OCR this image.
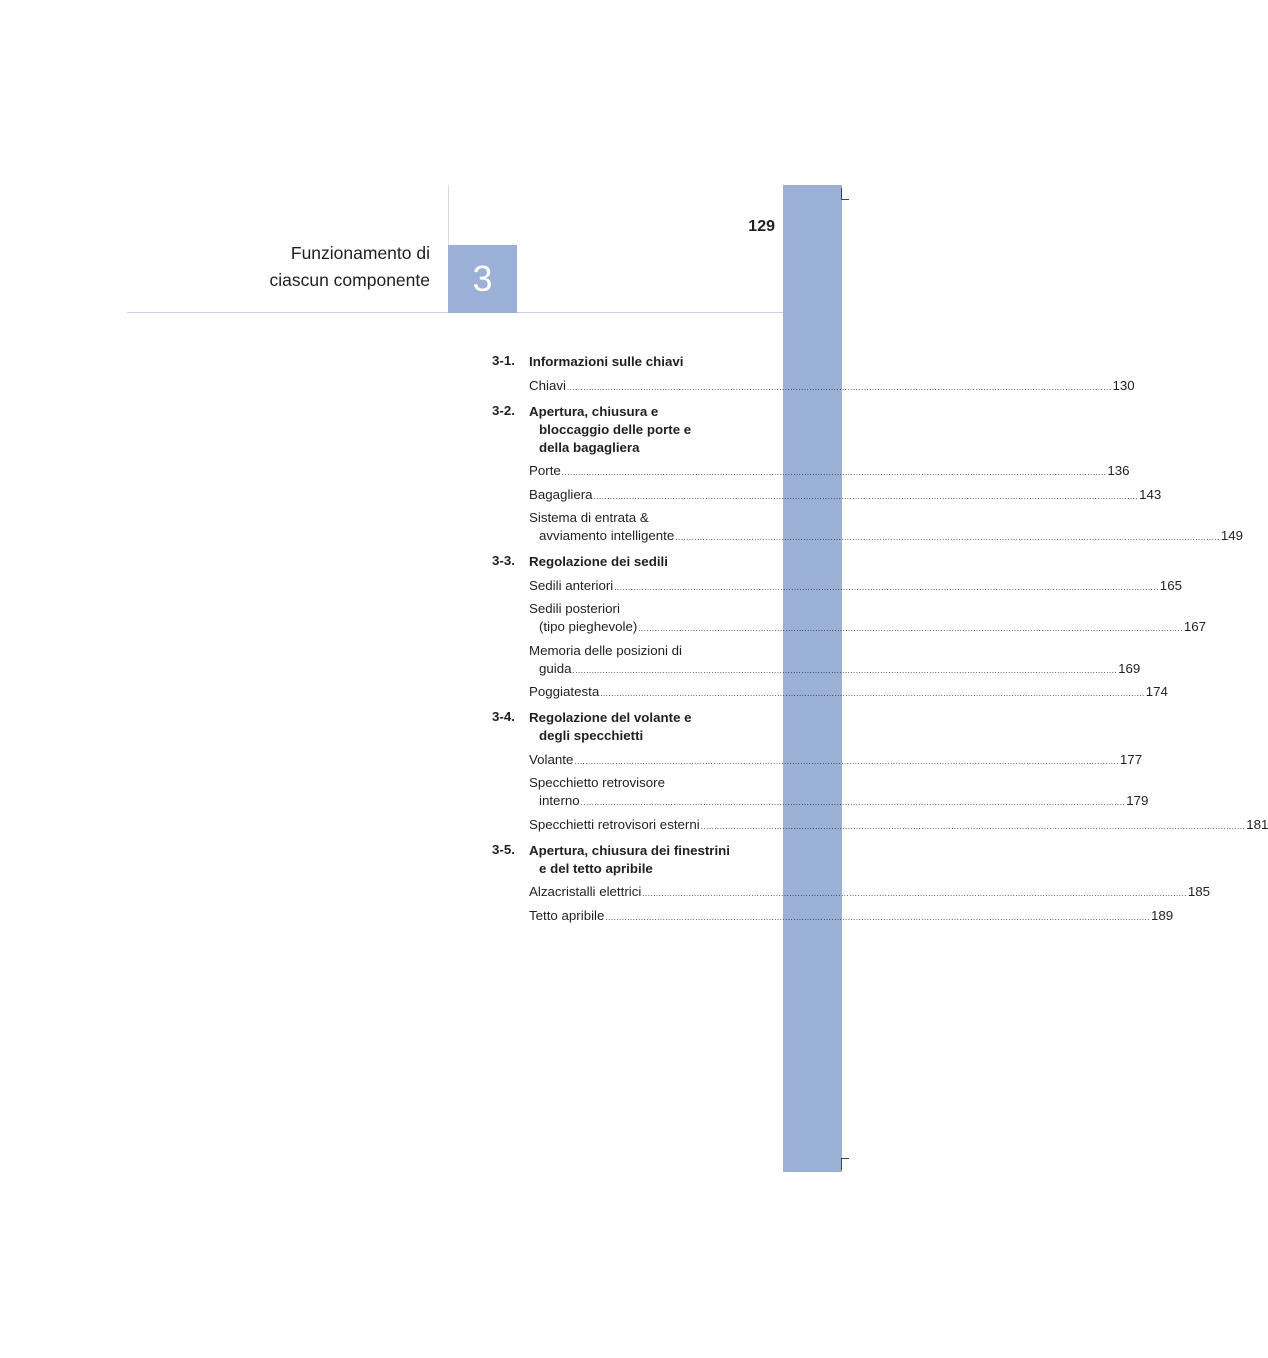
Funzionamento di
ciascun componente 3
129
3-1. Informazioni sulle chiavi
Chiavi ........................................................................................................................................................................................................ 130
3-2. Apertura, chiusura e
bloccaggio delle porte e
della bagagliera
Porte ........................................................................................................................................................................................................ 136
Bagagliera ........................................................................................................................................................................................................ 143
Sistema di entrata &
avviamento intelligente ........................................................................................................................................................................................................ 149
3-3. Regolazione dei sedili
Sedili anteriori ........................................................................................................................................................................................................ 165
Sedili posteriori
(tipo pieghevole) ........................................................................................................................................................................................................ 167
Memoria delle posizioni di
guida ........................................................................................................................................................................................................ 169
Poggiatesta ........................................................................................................................................................................................................ 174
3-4. Regolazione del volante e
degli specchietti
Volante ........................................................................................................................................................................................................ 177
Specchietto retrovisore
interno ........................................................................................................................................................................................................ 179
Specchietti retrovisori esterni ........................................................................................................................................................................................................ 181
3-5. Apertura, chiusura dei finestrini
e del tetto apribile
Alzacristalli elettrici ........................................................................................................................................................................................................ 185
Tetto apribile ........................................................................................................................................................................................................ 189
